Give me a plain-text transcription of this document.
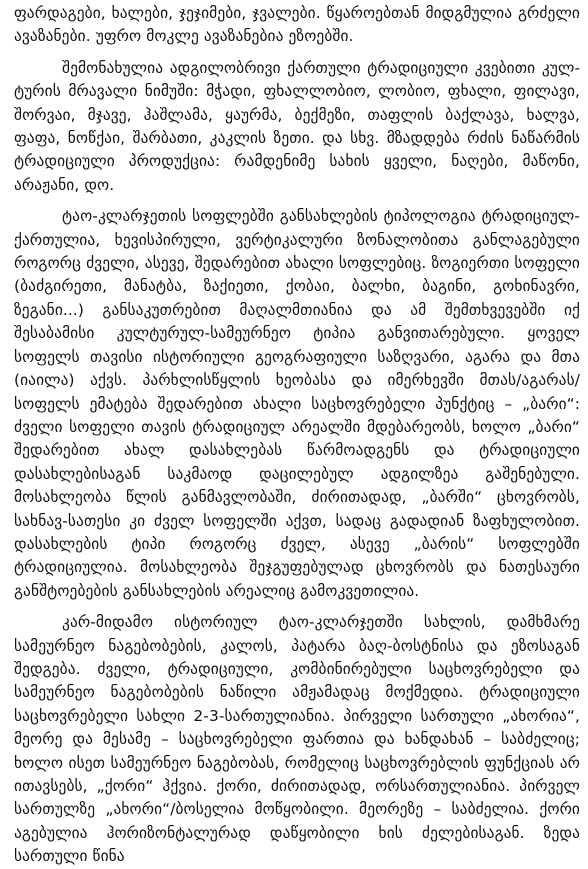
ფარდაგები, ხალები, ჯეჯიმები, ჯვალები. წყაროებთან მიდგმულია გრძელი ავაზანები. უფრო მოკლე ავაზანებია ეზოებში.

შემონახულია ადგილობრივი ქართული ტრადიციული კვებითი კულტურის მრავალი ნიმუში: მჭადი, ფხალლობიო, ლობიო, ფხალი, ფილავი, შორვაი, მჯავე, ჰაშლამა, ყაურმა, ბექმეზი, თაფლის ბაქლავა, ხალვა, ფაფა, ნოწქაი, შარბათი, კაკლის ზეთი. და სხვ. მზადდება რძის ნაწარმის ტრადიციული პროდუქცია: რამდენიმე სახის ყველი, ნაღები, მაწონი, არაჟანი, დო.

ტაო-კლარჯეთის სოფლებში განსახლების ტიპოლოგია ტრადიციულ-ქართულია, ხევისპირული, ვერტიკალური ზონალობითა განლაგებული როგორც ძველი, ასევე, შედარებით ახალი სოფლებიც. ზოგიერთი სოფელი (ბაძგირეთი, მანატბა, ზაქიეთი, ქობაი, ბალხი, ბაგინი, გოხინავრი, ზეგანი...) განსაკუთრებით მაღალმთიანია და ამ შემთხვევებში იქ შესაბამისი კულტურულ-სამეურნეო ტიპია განვითარებული. ყოველ სოფელს თავისი ისტორიული გეოგრაფიული საზღვარი, აგარა და მთა (იაილა) აქვს. პარხლისწყლის ხეობასა და იმერხევში მთას/აგარას/სოფელს ემატება შედარებით ახალი საცხოვრებელი პუნქტიც – „ბარი“: ძველი სოფელი თავის ტრადიციულ არეალში მდებარეობს, ხოლო „ბარი“ შედარებით ახალ დასახლებას წარმოადგენს და ტრადიციული დასახლებისაგან საკმაოდ დაცილებულ ადგილზეა გაშენებული. მოსახლეობა წლის განმავლობაში, ძირითადად, „ბარში“ ცხოვრობს, სახნავ-სათესი კი ძველ სოფელში აქვთ, სადაც გადადიან ზაფხულობით. დასახლების ტიპი როგორც ძველ, ასევე „ბარის“ სოფლებში ტრადიციულია. მოსახლეობა შეჯგუფებულად ცხოვრობს და ნათესაური განშტოებების განსახლების არეალიც გამოკვეთილია.

კარ-მიდამო ისტორიულ ტაო-კლარჯეთში სახლის, დამხმარე სამეურნეო ნაგებობების, კალოს, პატარა ბაღ-ბოსტნისა და ეზოსაგან შედგება. ძველი, ტრადიციული, კომბინირებული საცხოვრებელი და სამეურნეო ნაგებობების ნაწილი ამჟამადაც მოქმედია. ტრადიციული საცხოვრებელი სახლი 2-3-სართულიანია. პირველი სართული „ახორია“, მეორე და მესამე – საცხოვრებელი ფართია და ხანდახან – საბძელიც; ხოლო ისეთ სამეურნეო ნაგებობას, რომელიც საცხოვრებლის ფუნქციას არ ითავსებს, „ქორი“ ჰქვია. ქორი, ძირითადად, ორსართულიანია. პირველ სართულზე „ახორი“/ბოსელია მოწყობილი. მეორეზე – საბძელია. ქორი აგებულია ჰორიზონტალურად დაწყობილი ხის ძელებისაგან. ზედა სართული წინა
